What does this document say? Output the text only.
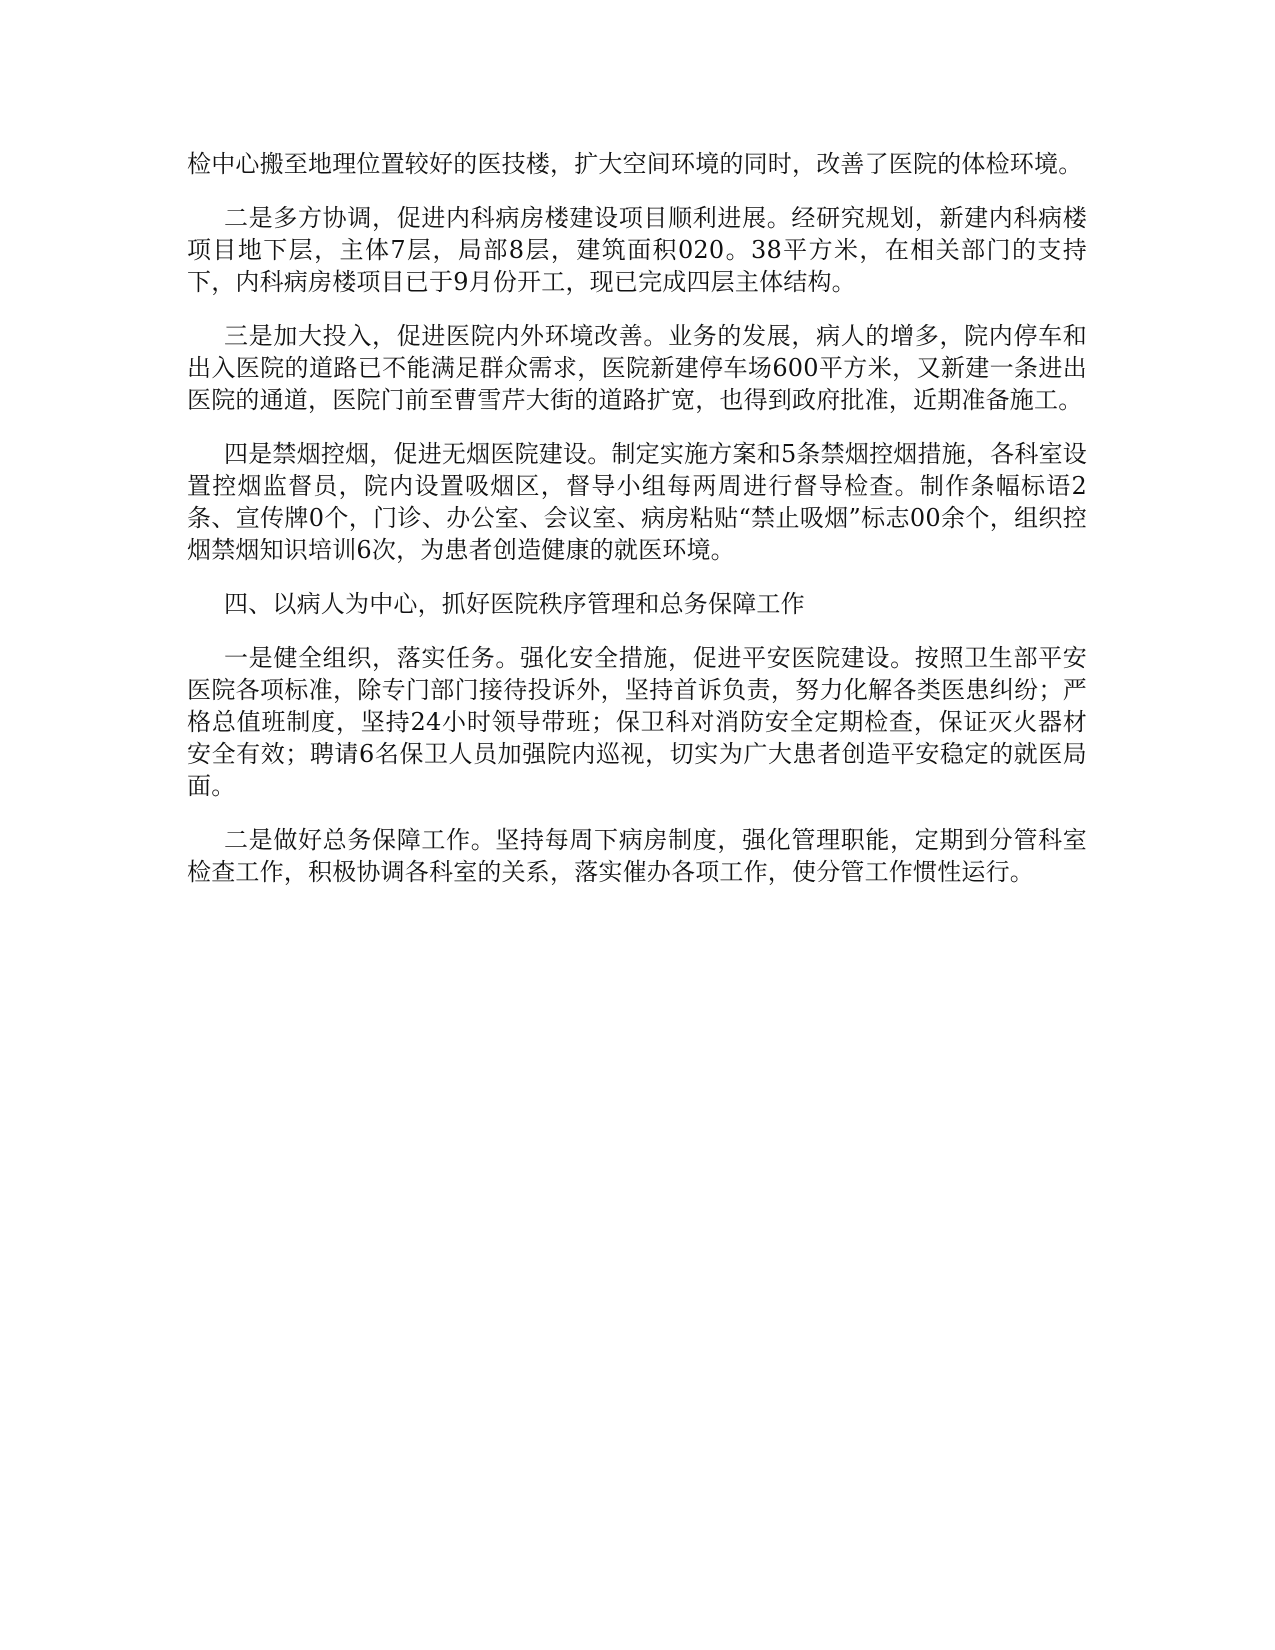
检中心搬至地理位置较好的医技楼，扩大空间环境的同时，改善了医院的体检环境。

二是多方协调，促进内科病房楼建设项目顺利进展。经研究规划，新建内科病楼项目地下层，主体7层，局部8层，建筑面积020。38平方米，在相关部门的支持下，内科病房楼项目已于9月份开工，现已完成四层主体结构。

三是加大投入，促进医院内外环境改善。业务的发展，病人的增多，院内停车和出入医院的道路已不能满足群众需求，医院新建停车场600平方米，又新建一条进出医院的通道，医院门前至曹雪芹大街的道路扩宽，也得到政府批准，近期准备施工。

四是禁烟控烟，促进无烟医院建设。制定实施方案和5条禁烟控烟措施，各科室设置控烟监督员，院内设置吸烟区，督导小组每两周进行督导检查。制作条幅标语2条、宣传牌0个，门诊、办公室、会议室、病房粘贴“禁止吸烟”标志00余个，组织控烟禁烟知识培训6次，为患者创造健康的就医环境。

四、以病人为中心，抓好医院秩序管理和总务保障工作

一是健全组织，落实任务。强化安全措施，促进平安医院建设。按照卫生部平安医院各项标准，除专门部门接待投诉外，坚持首诉负责，努力化解各类医患纠纷；严格总值班制度，坚持24小时领导带班；保卫科对消防安全定期检查，保证灭火器材安全有效；聘请6名保卫人员加强院内巡视，切实为广大患者创造平安稳定的就医局面。

二是做好总务保障工作。坚持每周下病房制度，强化管理职能，定期到分管科室检查工作，积极协调各科室的关系，落实催办各项工作，使分管工作惯性运行。
